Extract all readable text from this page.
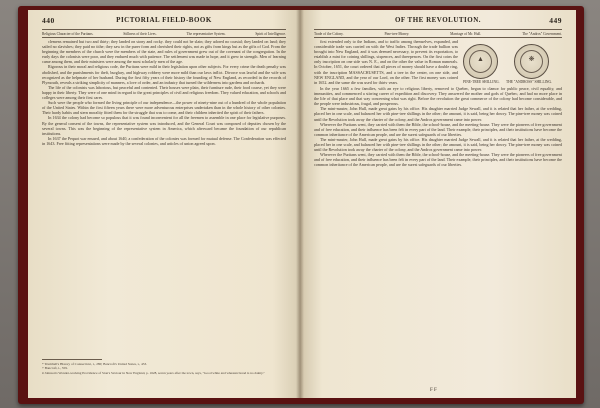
440	PICTORIAL FIELD-BOOK
Religious Character of the Puritans.	Stillness of their Lives.	The representative System.	Spirit of Intelligence.

clemens remained but two and thirty; they landed on stony and rocky. they could not be slain; they adored no coastal; they landed on land; they sailed no slavishes; they paid no tithe; they saw in the purer form and cherished their rights, not as gifts from kings but as the gifts of God. From the beginning the members of the church were the members of the state, and rules of government grew out of the covenant of the congregation. In the early days the colonists were poor, and they endured much with patience. The settlement was made in hope, and it grew in strength. Men of learning came among them, and their ministers were among the most scholarly men of the age.

Rigorous in their moral and religious code, the Puritans were mild in their legislation upon other subjects. For every crime the death penalty was abolished, and the punishments for theft, burglary, and highway robbery were more mild than our laws inflict. Divorce was lawful and the wife was recognized as the helpmate of her husband. During the first fifty years of their history the founding of New England, as recorded in the records of Plymouth, reveals a striking simplicity of manners, a love of order, and an industry that turned the wilderness into gardens and orchards.

The life of the colonists was laborious, but peaceful and contented. Their houses were plain, their furniture rude, their food coarse, yet they were happy in their liberty. They were of one mind in regard to the great principles of civil and religious freedom. They valued education, and schools and colleges were among their first cares.

Such were the people who formed the living principle of our independence—the power of ninety-nine out of a hundred of the whole population of the United States. Within the first fifteen years there were more adventurous enterprises undertaken than in the whole history of other colonies. Their hardy habits and stern morality fitted them for the struggle that was to come, and their children inherited the spirit of their fathers.

In 1634 the colony had become so populous that it was found inconvenient for all the freemen to assemble in one place for legislative purposes. By the general consent of the towns, the representative system was introduced, and the General Court was composed of deputies chosen by the several towns. This was the beginning of the representative system in America, which afterward became the foundation of our republican institutions.

In 1637 the Pequot war ensued, and about 1640, a confederation of the colonies was formed for mutual defense. The Confederation was effected in 1643. Free fitting representations were made by the several colonies, and articles of union agreed upon.

* Trumbull's History of Connecticut, i., 280; Bancroft's United States, i., 433.
+ Bancroft, i., 359.
# Johnson's Wonder-working Providence of Sion's Saviour in New England, p. 1628, seven years after the town, says, "Good white and wheaten bread is no dainty."
OF THE REVOLUTION.	449
Trade of the Colony.	Pine-tree Money.	Marriage of Mr. Hull.	The "Andros" Government.
▲	❋
PINE-TREE SHILLING. THE "ANDROSS" SHILLING.

first extended only to the Indians, and to traffic among themselves, expanded, and considerable trade was carried on with the West Indies. Through the trade bullion was brought into New England, and it was deemed necessary, to prevent its exportation, to establish a mint for coining shillings, sixpences, and threepences. On the first coins the only inscription on one side was N. E., and on the other the value in Roman numerals. In October, 1651, the court ordered that all pieces of money should have a double ring, with the inscription MASSACHUSETTS, and a tree in the center, on one side, and NEW ENGLAND, and the year of our Lord, on the other. The first money was coined in 1652, and the same die was used for thirty years.

In the year 1665 a few families, with an eye to religious liberty, removed to Quebec, began to clamor for public peace, civil equality, and immunities, and commenced a stirring career of expedition and discovery. They answered the mother and gods of Quebec, and had no more place in the life of that place and that way concerning what was right. Before the revolution the great commerce of the colony had become considerable, and the people were industrious, frugal, and prosperous.

The mint-master, John Hull, made great gains by his office. His daughter married Judge Sewall, and it is related that her father, at the wedding, placed her in one scale, and balanced her with pine-tree shillings in the other; the amount, it is said, being her dowry. The pine-tree money was coined until the Revolution took away the charter of the colony, and the Andros government came into power.

Wherever the Puritans went, they carried with them the Bible, the school-house, and the meeting-house. They were the pioneers of free government and of free education, and their influence has been felt in every part of the land. Their example, their principles, and their institutions have become the common inheritance of the American people, and are the surest safeguards of our liberties.

The mint-master, John Hull, made great gains by his office. His daughter married Judge Sewall, and it is related that her father, at the wedding, placed her in one scale, and balanced her with pine-tree shillings in the other; the amount, it is said, being her dowry. The pine-tree money was coined until the Revolution took away the charter of the colony, and the Andros government came into power.

Wherever the Puritans went, they carried with them the Bible, the school-house, and the meeting-house. They were the pioneers of free government and of free education, and their influence has been felt in every part of the land. Their example, their principles, and their institutions have become the common inheritance of the American people, and are the surest safeguards of our liberties.

F F
